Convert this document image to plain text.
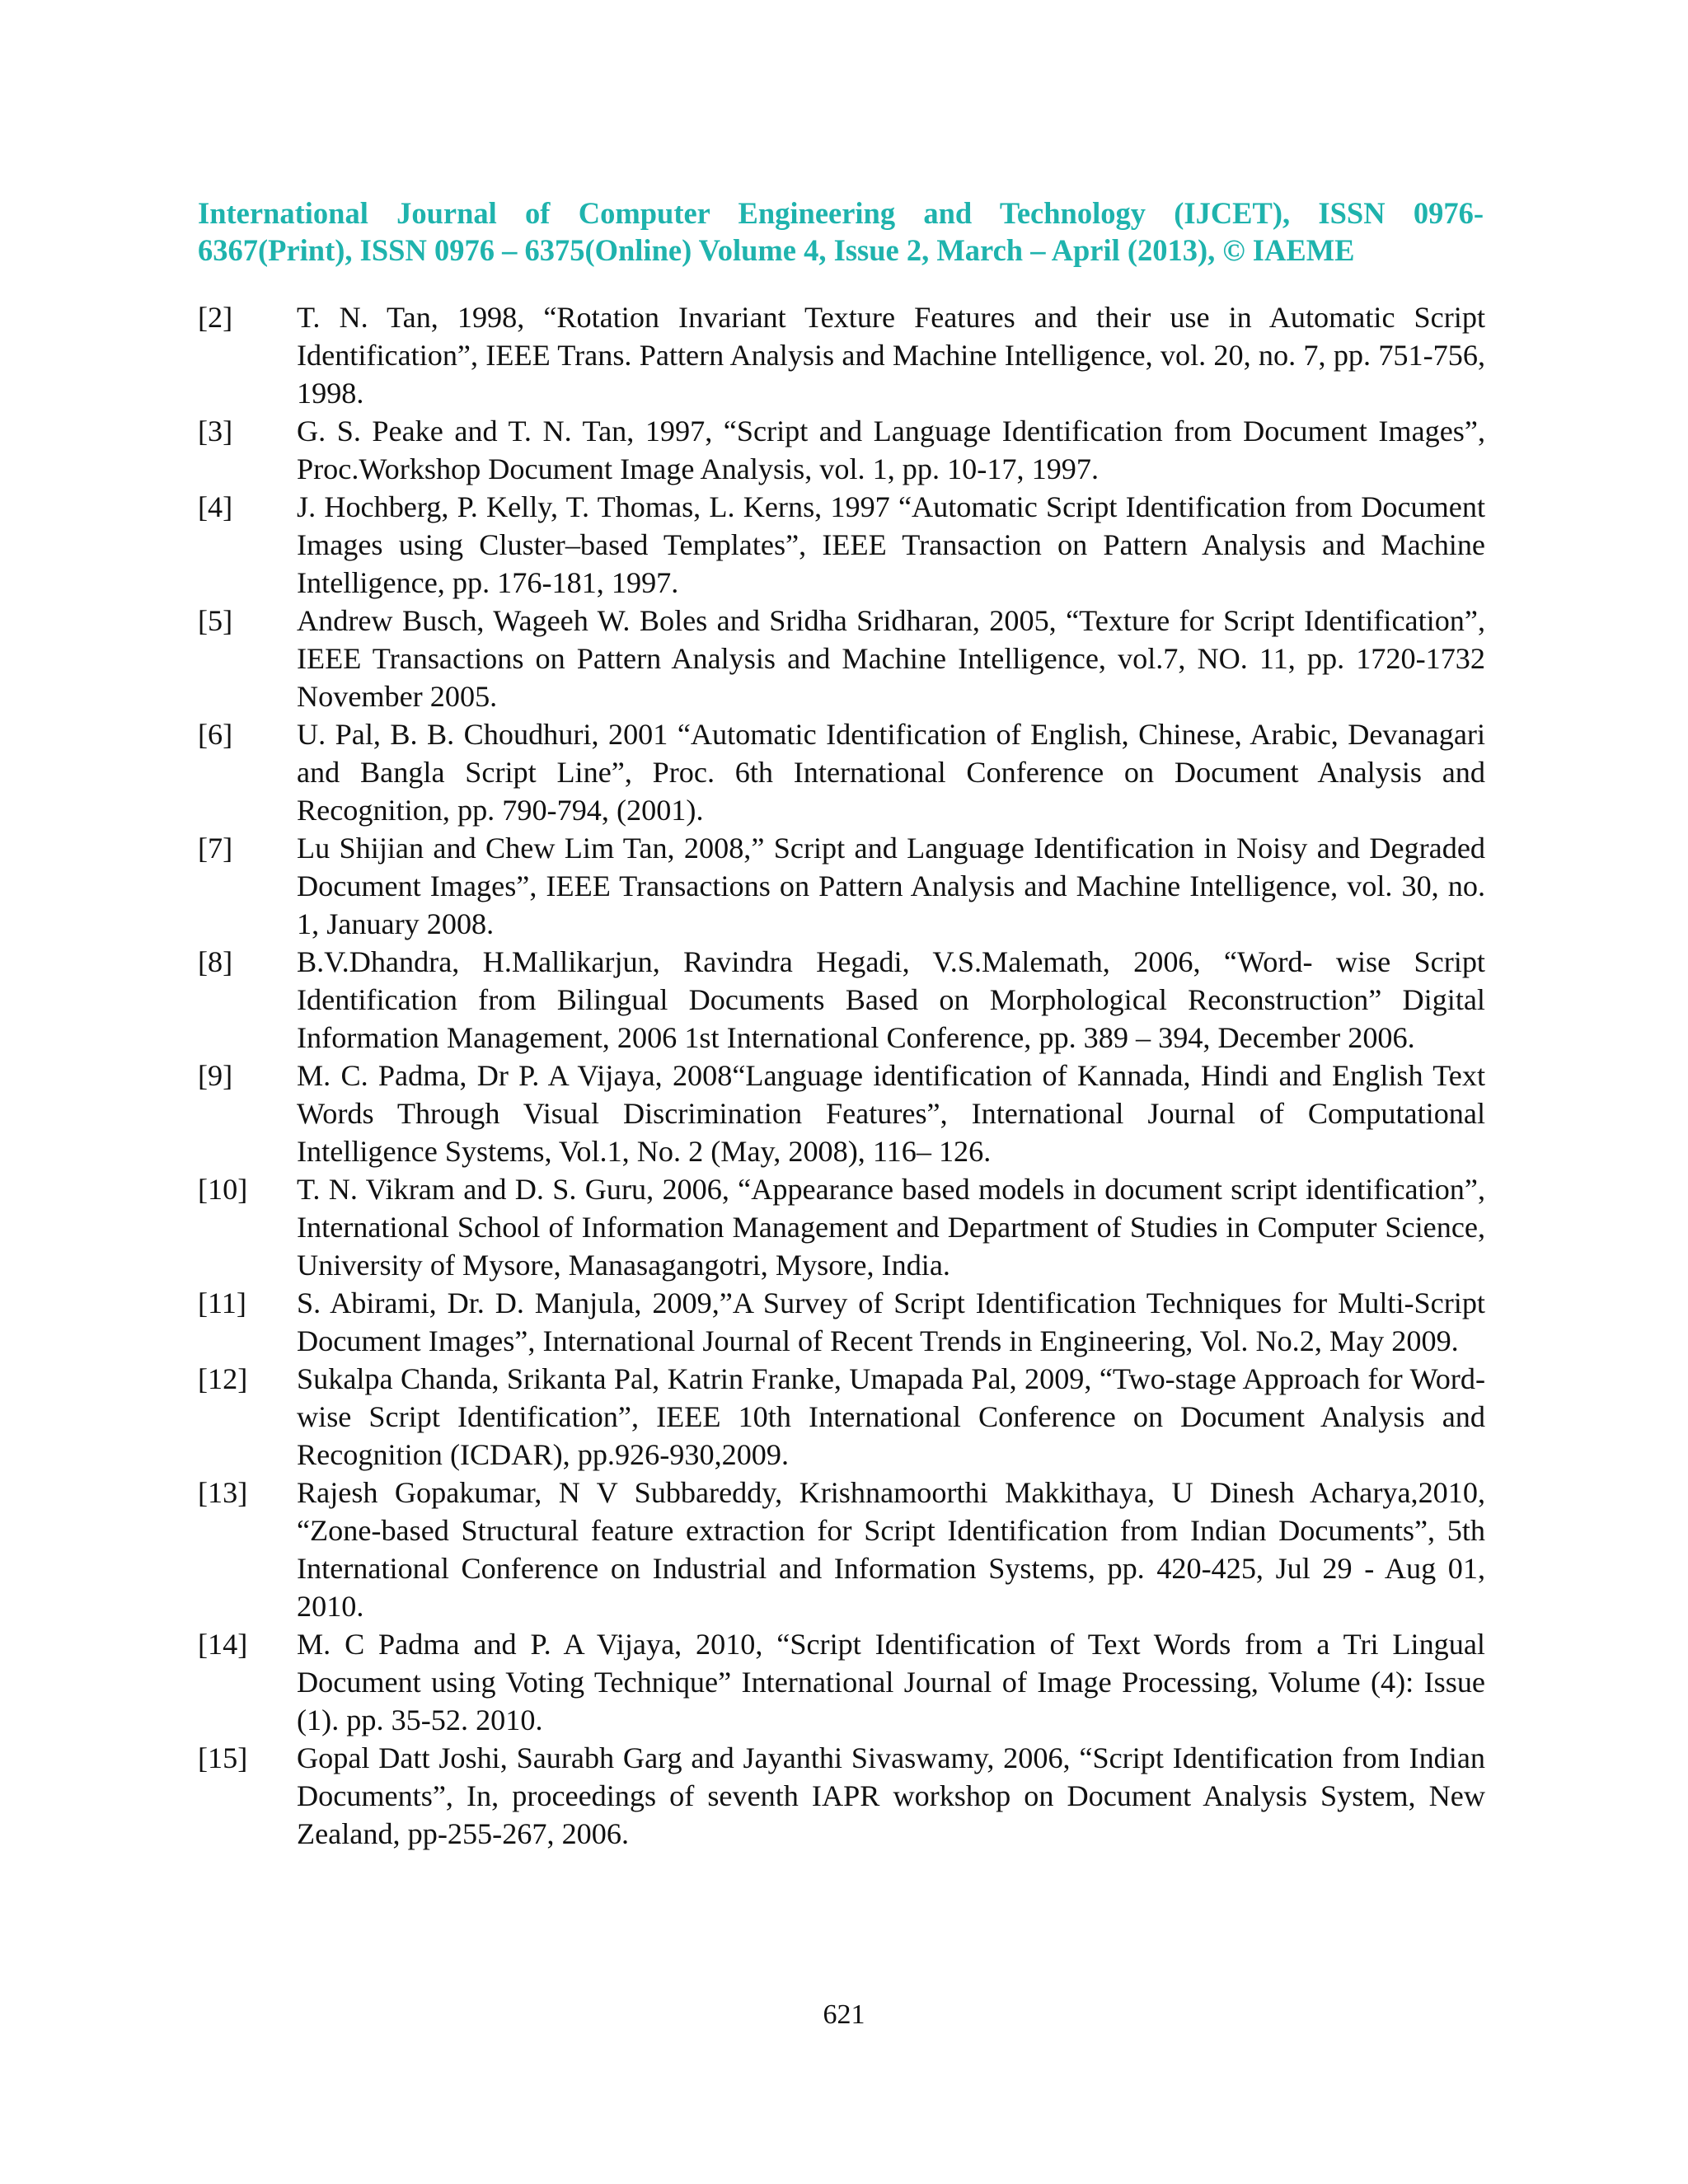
International Journal of Computer Engineering and Technology (IJCET), ISSN 0976-
6367(Print), ISSN 0976 – 6375(Online) Volume 4, Issue 2, March – April (2013), © IAEME
[2] T. N. Tan, 1998, “Rotation Invariant Texture Features and their use in Automatic Script Identification”, IEEE Trans. Pattern Analysis and Machine Intelligence, vol. 20, no. 7, pp. 751-756, 1998.
[3] G. S. Peake and T. N. Tan, 1997, “Script and Language Identification from Document Images”, Proc.Workshop Document Image Analysis, vol. 1, pp. 10-17, 1997.
[4] J. Hochberg, P. Kelly, T. Thomas, L. Kerns, 1997 “Automatic Script Identification from Document Images using Cluster–based Templates”, IEEE Transaction on Pattern Analysis and Machine Intelligence, pp. 176-181, 1997.
[5] Andrew Busch, Wageeh W. Boles and Sridha Sridharan, 2005, “Texture for Script Identification”, IEEE Transactions on Pattern Analysis and Machine Intelligence, vol.7, NO. 11, pp. 1720-1732 November 2005.
[6] U. Pal, B. B. Choudhuri, 2001 “Automatic Identification of English, Chinese, Arabic, Devanagari and Bangla Script Line”, Proc. 6th International Conference on Document Analysis and Recognition, pp. 790-794, (2001).
[7] Lu Shijian and Chew Lim Tan, 2008,” Script and Language Identification in Noisy and Degraded Document Images”, IEEE Transactions on Pattern Analysis and Machine Intelligence, vol. 30, no. 1, January 2008.
[8] B.V.Dhandra, H.Mallikarjun, Ravindra Hegadi, V.S.Malemath, 2006, “Word- wise Script Identification from Bilingual Documents Based on Morphological Reconstruction” Digital Information Management, 2006 1st International Conference, pp. 389 – 394, December 2006.
[9] M. C. Padma, Dr P. A Vijaya, 2008“Language identification of Kannada, Hindi and English Text Words Through Visual Discrimination Features”, International Journal of Computational Intelligence Systems, Vol.1, No. 2 (May, 2008), 116– 126.
[10] T. N. Vikram and D. S. Guru, 2006, “Appearance based models in document script identification”, International School of Information Management and Department of Studies in Computer Science, University of Mysore, Manasagangotri, Mysore, India.
[11] S. Abirami, Dr. D. Manjula, 2009,”A Survey of Script Identification Techniques for Multi-Script Document Images”, International Journal of Recent Trends in Engineering, Vol. No.2, May 2009.
[12] Sukalpa Chanda, Srikanta Pal, Katrin Franke, Umapada Pal, 2009, “Two-stage Approach for Word-wise Script Identification”, IEEE 10th International Conference on Document Analysis and Recognition (ICDAR), pp.926-930,2009.
[13] Rajesh Gopakumar, N V Subbareddy, Krishnamoorthi Makkithaya, U Dinesh Acharya,2010, “Zone-based Structural feature extraction for Script Identification from Indian Documents”, 5th International Conference on Industrial and Information Systems, pp. 420-425, Jul 29 - Aug 01, 2010.
[14] M. C Padma and P. A Vijaya, 2010, “Script Identification of Text Words from a Tri Lingual Document using Voting Technique” International Journal of Image Processing, Volume (4): Issue (1). pp. 35-52. 2010.
[15] Gopal Datt Joshi, Saurabh Garg and Jayanthi Sivaswamy, 2006, “Script Identification from Indian Documents”, In, proceedings of seventh IAPR workshop on Document Analysis System, New Zealand, pp-255-267, 2006.
621
